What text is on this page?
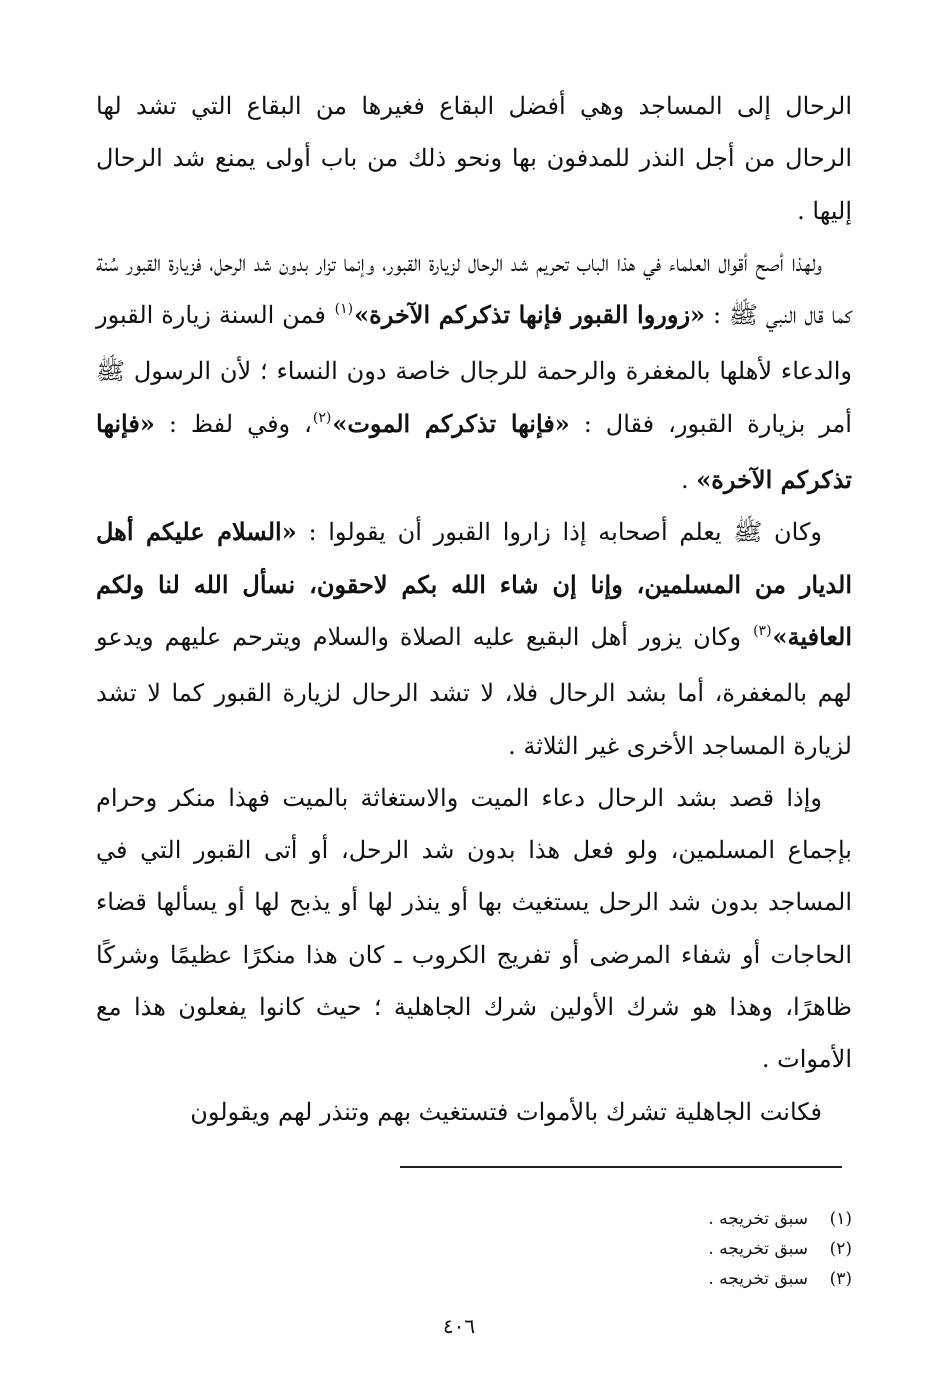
الرحال إلى المساجد وهي أفضل البقاع فغيرها من البقاع التي تشد لها الرحال من أجل النذر للمدفون بها ونحو ذلك من باب أولى يمنع شد الرحال إليها .

ولهذا أصح أقوال العلماء في هذا الباب تحريم شد الرحال لزيارة القبور، وإنما تزار بدون شد الرحل، فزيارة القبور سُنة كما قال النبي ﷺ : «زوروا القبور فإنها تذكركم الآخرة»$^{(١)}$ فمن السنة زيارة القبور والدعاء لأهلها بالمغفرة والرحمة للرجال خاصة دون النساء ؛ لأن الرسول ﷺ أمر بزيارة القبور، فقال : «فإنها تذكركم الموت»$^{(٢)}$، وفي لفظ : «فإنها تذكركم الآخرة» .

وكان ﷺ يعلم أصحابه إذا زاروا القبور أن يقولوا : «السلام عليكم أهل الديار من المسلمين، وإنا إن شاء الله بكم لاحقون، نسأل الله لنا ولكم العافية»$^{(٣)}$ وكان يزور أهل البقيع عليه الصلاة والسلام ويترحم عليهم ويدعو لهم بالمغفرة، أما بشد الرحال فلا، لا تشد الرحال لزيارة القبور كما لا تشد لزيارة المساجد الأخرى غير الثلاثة .

وإذا قصد بشد الرحال دعاء الميت والاستغاثة بالميت فهذا منكر وحرام بإجماع المسلمين، ولو فعل هذا بدون شد الرحل، أو أتى القبور التي في المساجد بدون شد الرحل يستغيث بها أو ينذر لها أو يذبح لها أو يسألها قضاء الحاجات أو شفاء المرضى أو تفريج الكروب ـ كان هذا منكرًا عظيمًا وشركًا ظاهرًا، وهذا هو شرك الأولين شرك الجاهلية ؛ حيث كانوا يفعلون هذا مع الأموات .

فكانت الجاهلية تشرك بالأموات فتستغيث بهم وتنذر لهم ويقولون

(١)سبق تخريجه .

(٢)سبق تخريجه .

(٣)سبق تخريجه .

٤٠٦
